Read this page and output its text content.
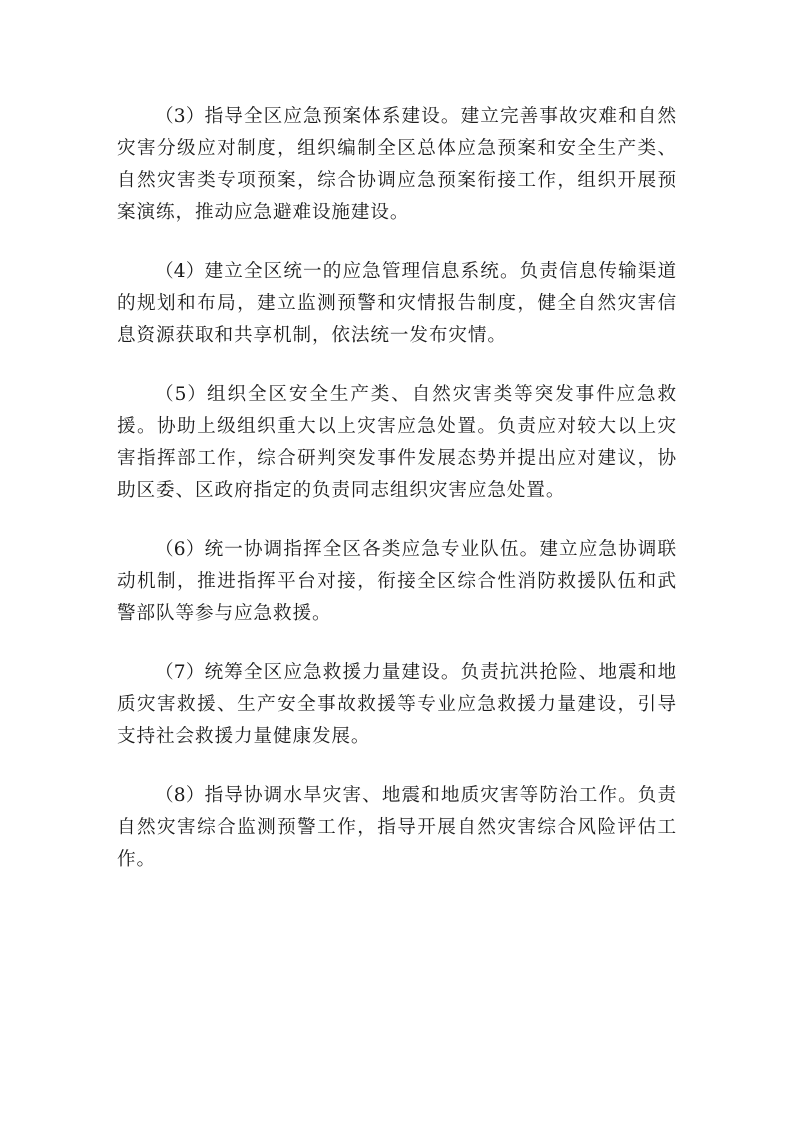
（3）指导全区应急预案体系建设。建立完善事故灾难和自然灾害分级应对制度，组织编制全区总体应急预案和安全生产类、自然灾害类专项预案，综合协调应急预案衔接工作，组织开展预案演练，推动应急避难设施建设。

（4）建立全区统一的应急管理信息系统。负责信息传输渠道的规划和布局，建立监测预警和灾情报告制度，健全自然灾害信息资源获取和共享机制，依法统一发布灾情。

（5）组织全区安全生产类、自然灾害类等突发事件应急救援。协助上级组织重大以上灾害应急处置。负责应对较大以上灾害指挥部工作，综合研判突发事件发展态势并提出应对建议，协助区委、区政府指定的负责同志组织灾害应急处置。

（6）统一协调指挥全区各类应急专业队伍。建立应急协调联动机制，推进指挥平台对接，衔接全区综合性消防救援队伍和武警部队等参与应急救援。

（7）统筹全区应急救援力量建设。负责抗洪抢险、地震和地质灾害救援、生产安全事故救援等专业应急救援力量建设，引导支持社会救援力量健康发展。

（8）指导协调水旱灾害、地震和地质灾害等防治工作。负责自然灾害综合监测预警工作，指导开展自然灾害综合风险评估工作。
